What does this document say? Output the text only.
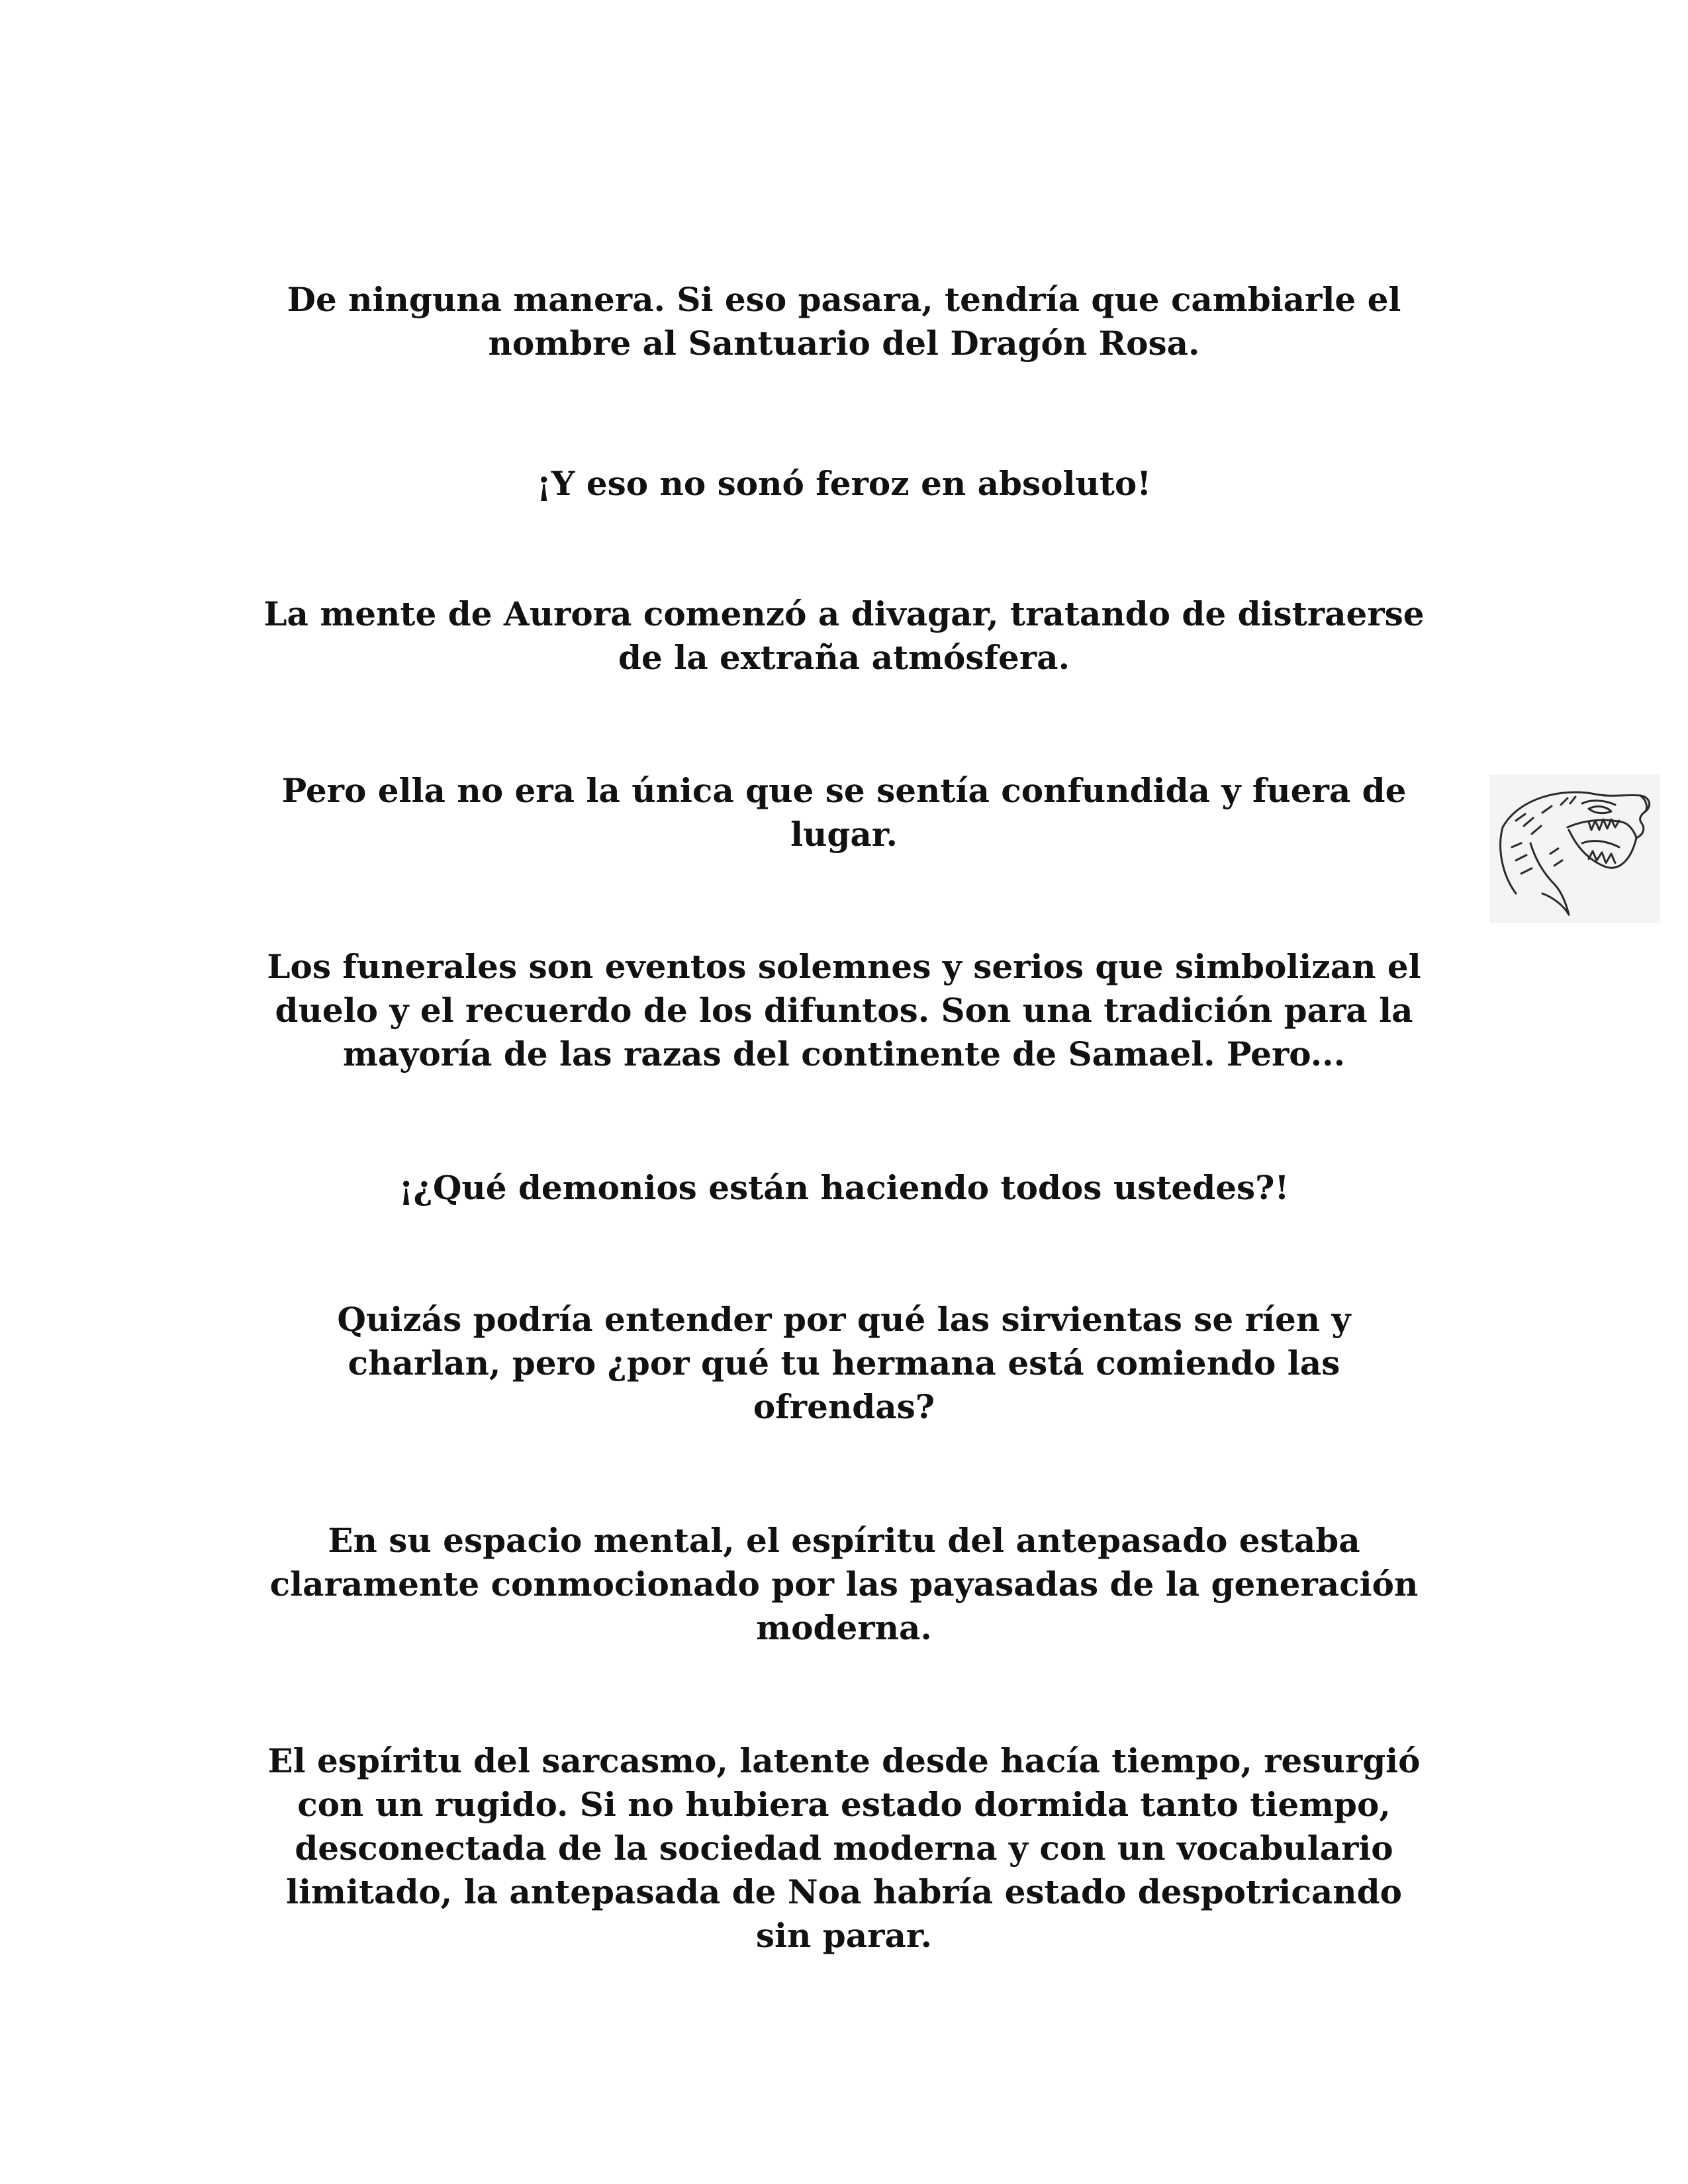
De ninguna manera. Si eso pasara, tendría que cambiarle el
nombre al Santuario del Dragón Rosa.

¡Y eso no sonó feroz en absoluto!

La mente de Aurora comenzó a divagar, tratando de distraerse
de la extraña atmósfera.

Pero ella no era la única que se sentía confundida y fuera de
lugar.

Los funerales son eventos solemnes y serios que simbolizan el
duelo y el recuerdo de los difuntos. Son una tradición para la
mayoría de las razas del continente de Samael. Pero...

¡¿Qué demonios están haciendo todos ustedes?!

Quizás podría entender por qué las sirvientas se ríen y
charlan, pero ¿por qué tu hermana está comiendo las
ofrendas?

En su espacio mental, el espíritu del antepasado estaba
claramente conmocionado por las payasadas de la generación
moderna.

El espíritu del sarcasmo, latente desde hacía tiempo, resurgió
con un rugido. Si no hubiera estado dormida tanto tiempo,
desconectada de la sociedad moderna y con un vocabulario
limitado, la antepasada de Noa habría estado despotricando
sin parar.
